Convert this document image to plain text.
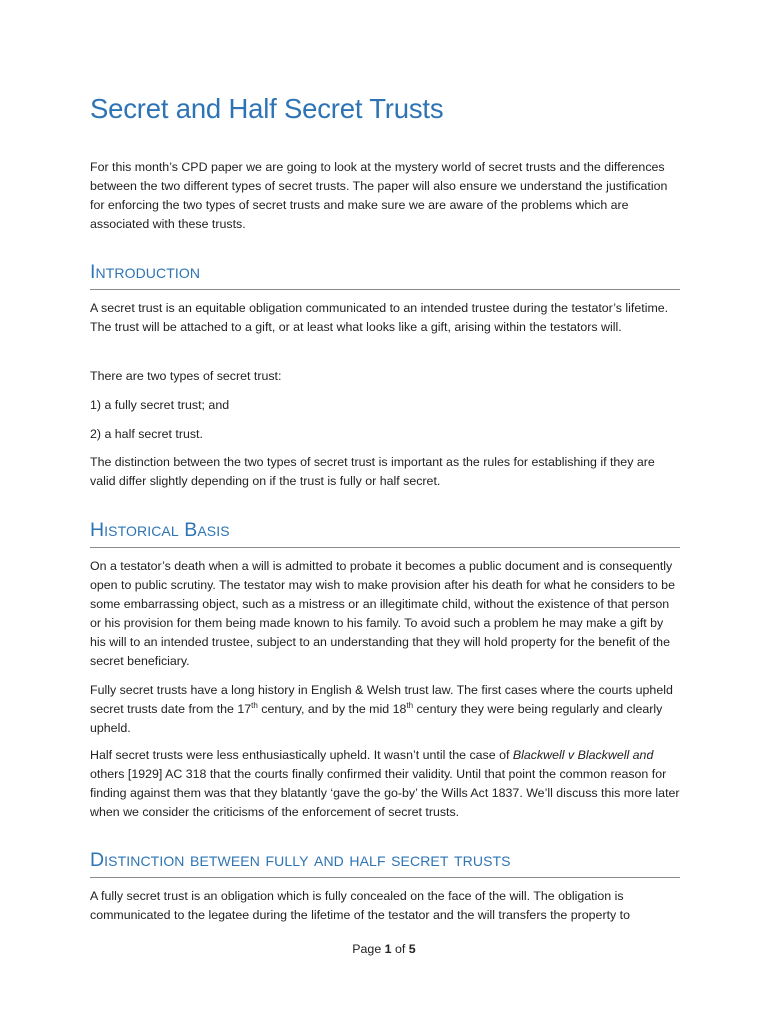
Secret and Half Secret Trusts

For this month’s CPD paper we are going to look at the mystery world of secret trusts and the differences between the two different types of secret trusts. The paper will also ensure we understand the justification for enforcing the two types of secret trusts and make sure we are aware of the problems which are associated with these trusts.

Introduction

A secret trust is an equitable obligation communicated to an intended trustee during the testator’s lifetime. The trust will be attached to a gift, or at least what looks like a gift, arising within the testators will.

There are two types of secret trust:

1) a fully secret trust; and

2) a half secret trust.

The distinction between the two types of secret trust is important as the rules for establishing if they are valid differ slightly depending on if the trust is fully or half secret.

Historical Basis

On a testator’s death when a will is admitted to probate it becomes a public document and is consequently open to public scrutiny. The testator may wish to make provision after his death for what he considers to be some embarrassing object, such as a mistress or an illegitimate child, without the existence of that person or his provision for them being made known to his family. To avoid such a problem he may make a gift by his will to an intended trustee, subject to an understanding that they will hold property for the benefit of the secret beneficiary.

Fully secret trusts have a long history in English & Welsh trust law. The first cases where the courts upheld secret trusts date from the 17th century, and by the mid 18th century they were being regularly and clearly upheld.

Half secret trusts were less enthusiastically upheld. It wasn’t until the case of Blackwell v Blackwell and others [1929] AC 318 that the courts finally confirmed their validity. Until that point the common reason for finding against them was that they blatantly ‘gave the go-by’ the Wills Act 1837. We’ll discuss this more later when we consider the criticisms of the enforcement of secret trusts.

Distinction between fully and half secret trusts

A fully secret trust is an obligation which is fully concealed on the face of the will. The obligation is communicated to the legatee during the lifetime of the testator and the will transfers the property to

Page 1 of 5
